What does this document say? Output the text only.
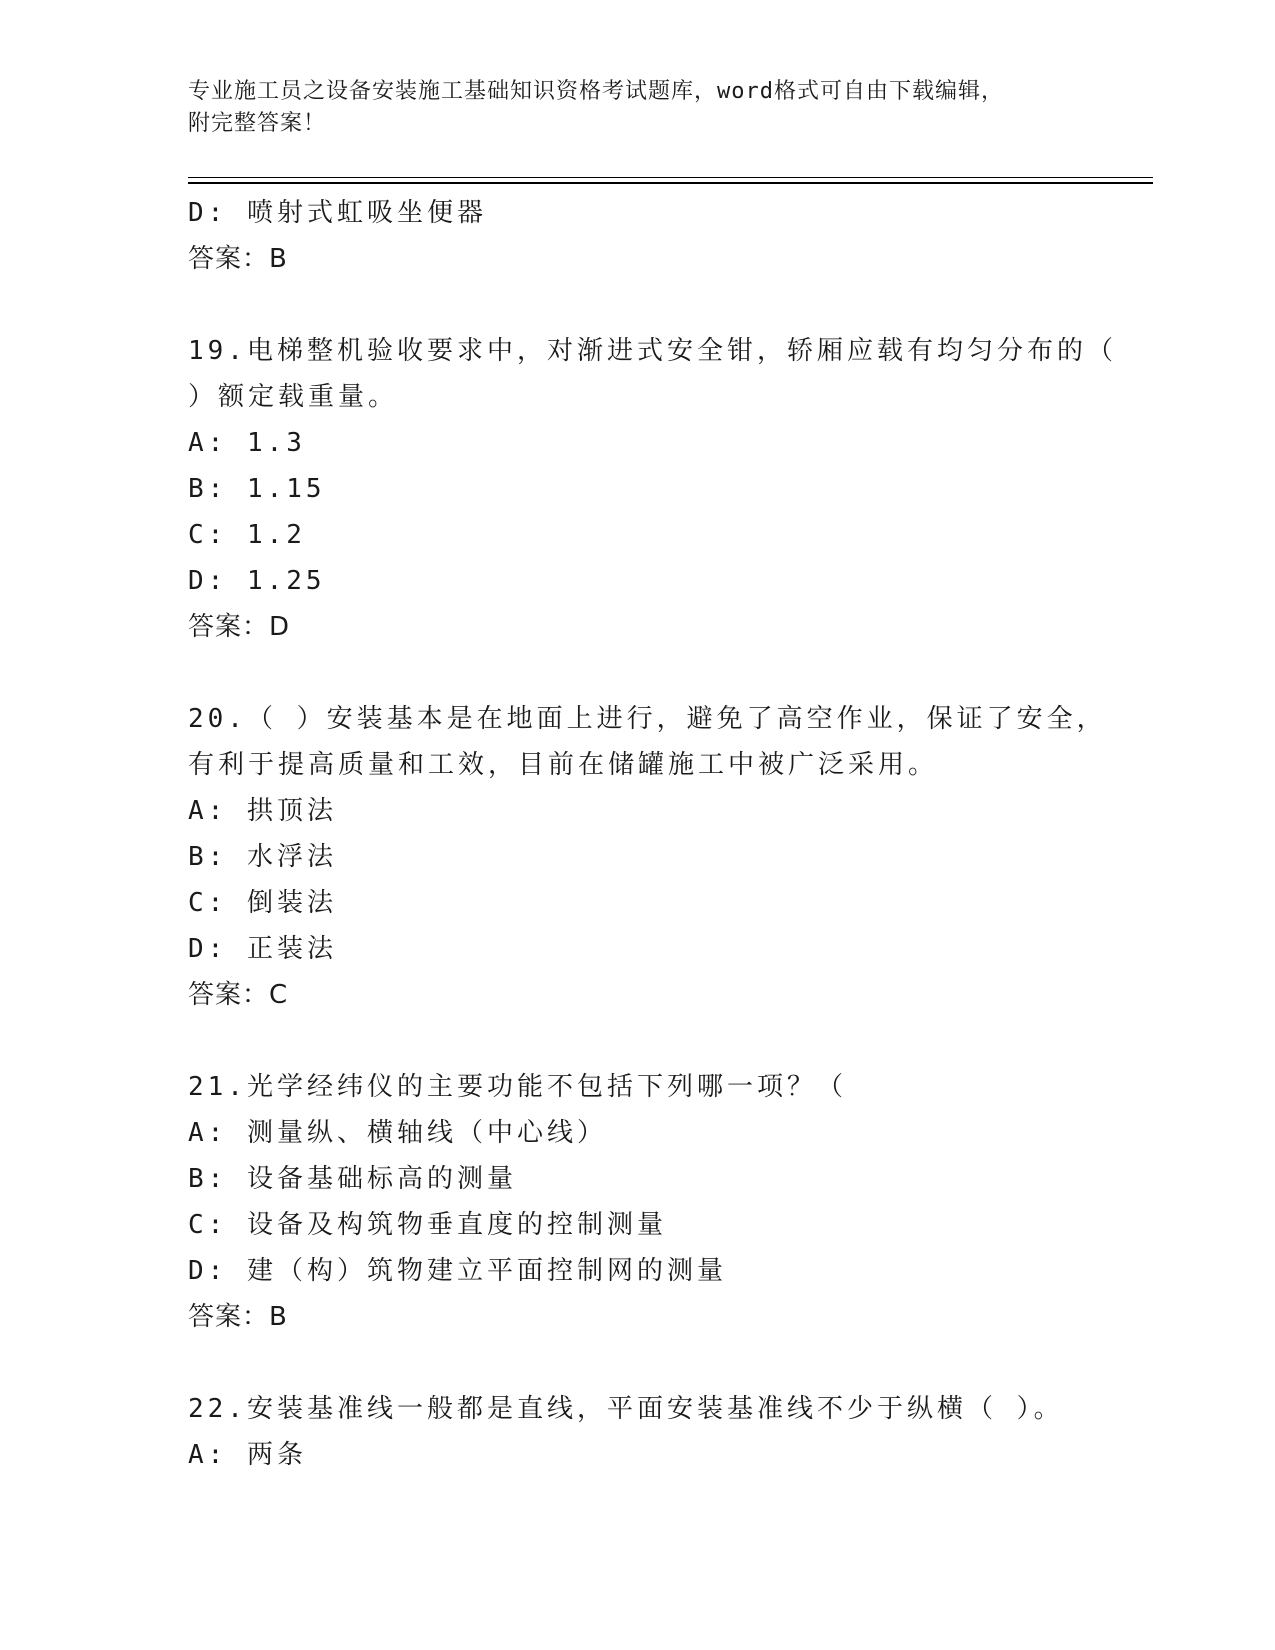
专业施工员之设备安装施工基础知识资格考试题库，word格式可自由下载编辑，
附完整答案！
D: 喷射式虹吸坐便器
答案：B
19.电梯整机验收要求中，对渐进式安全钳，轿厢应载有均匀分布的（
）额定载重量。
A: 1.3
B: 1.15
C: 1.2
D: 1.25
答案：D
20.（ ）安装基本是在地面上进行，避免了高空作业，保证了安全，
有利于提高质量和工效，目前在储罐施工中被广泛采用。
A: 拱顶法
B: 水浮法
C: 倒装法
D: 正装法
答案：C
21.光学经纬仪的主要功能不包括下列哪一项？（
A: 测量纵、横轴线（中心线）
B: 设备基础标高的测量
C: 设备及构筑物垂直度的控制测量
D: 建（构）筑物建立平面控制网的测量
答案：B
22.安装基准线一般都是直线，平面安装基准线不少于纵横（ ）。
A: 两条
